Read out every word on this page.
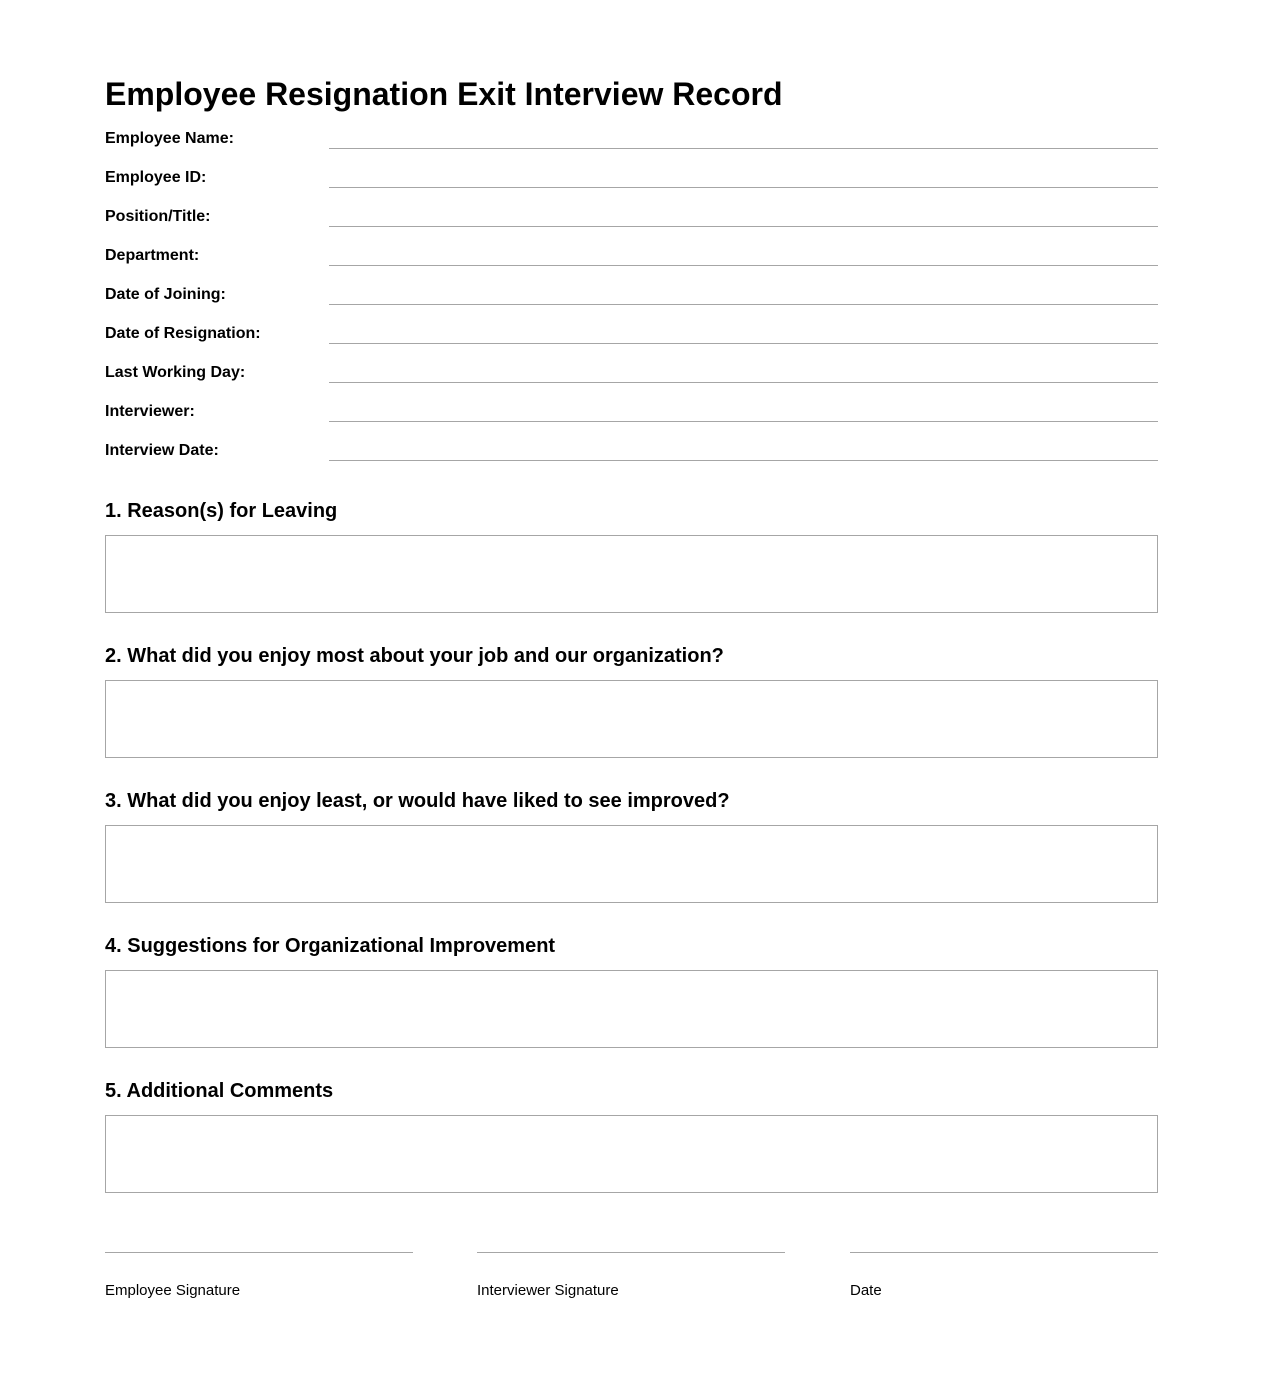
Employee Resignation Exit Interview Record
Employee Name:
Employee ID:
Position/Title:
Department:
Date of Joining:
Date of Resignation:
Last Working Day:
Interviewer:
Interview Date:
1. Reason(s) for Leaving
2. What did you enjoy most about your job and our organization?
3. What did you enjoy least, or would have liked to see improved?
4. Suggestions for Organizational Improvement
5. Additional Comments
Employee Signature	Interviewer Signature	Date
